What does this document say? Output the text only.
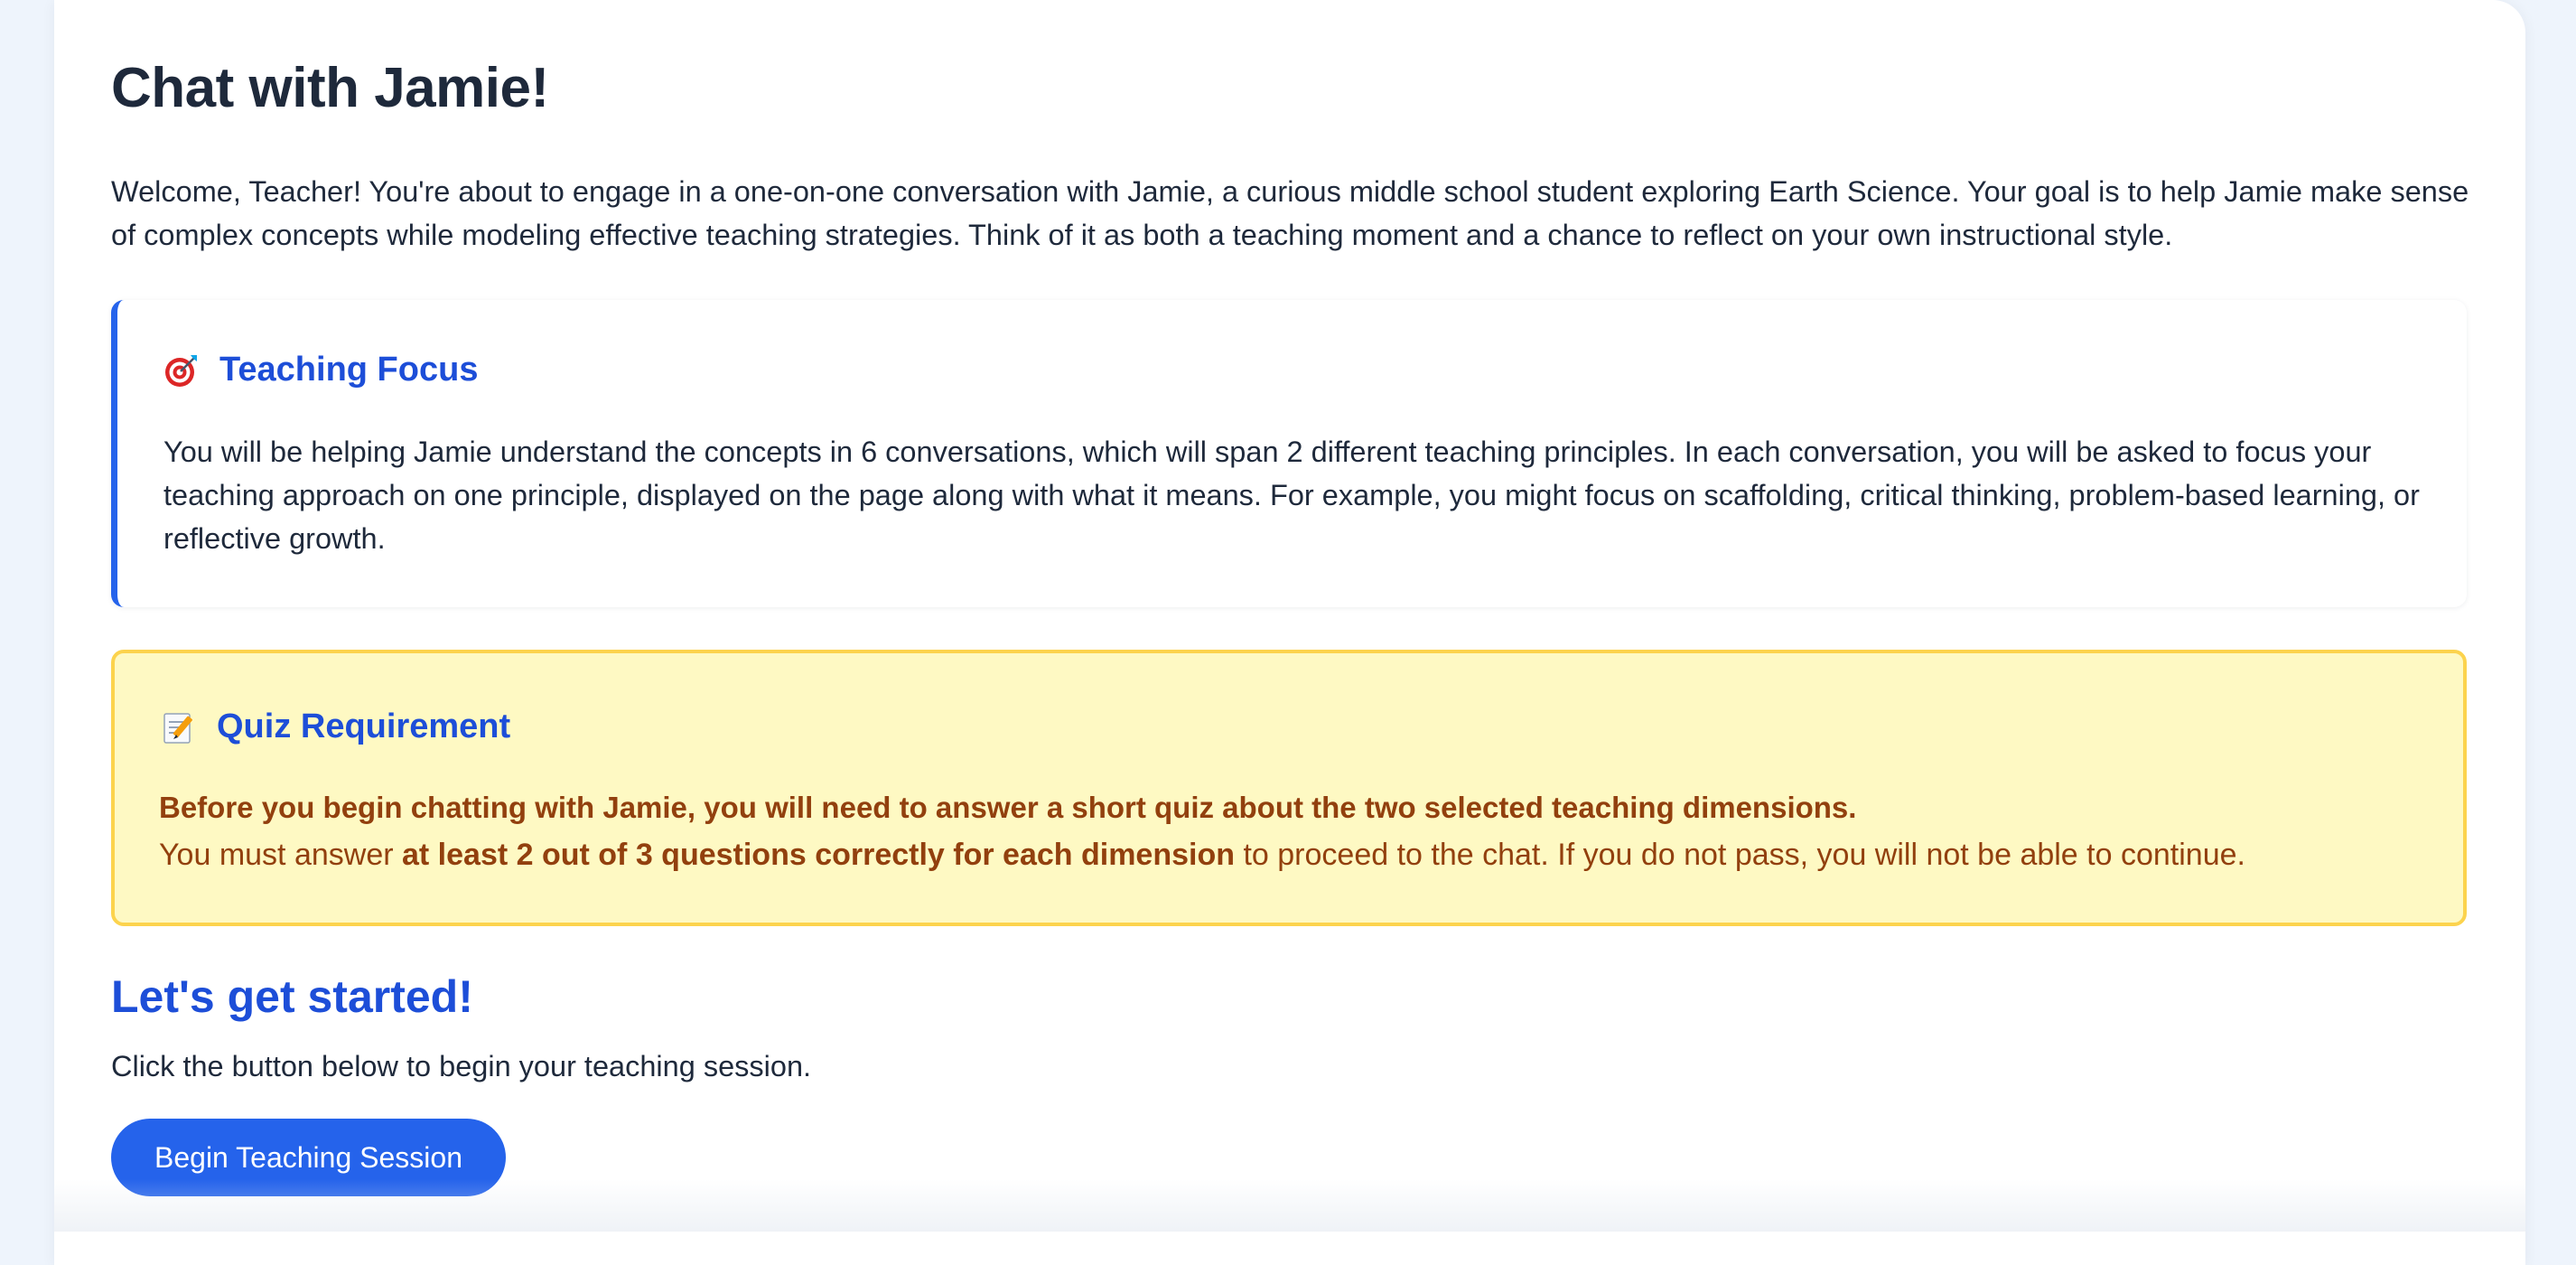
Chat with Jamie!

Welcome, Teacher! You're about to engage in a one-on-one conversation with Jamie, a curious middle school student exploring Earth Science. Your goal is to help Jamie make sense of complex concepts while modeling effective teaching strategies. Think of it as both a teaching moment and a chance to reflect on your own instructional style.

Teaching Focus

You will be helping Jamie understand the concepts in 6 conversations, which will span 2 different teaching principles. In each conversation, you will be asked to focus your teaching approach on one principle, displayed on the page along with what it means. For example, you might focus on scaffolding, critical thinking, problem-based learning, or reflective growth.

Quiz Requirement

Before you begin chatting with Jamie, you will need to answer a short quiz about the two selected teaching dimensions.

You must answer at least 2 out of 3 questions correctly for each dimension to proceed to the chat. If you do not pass, you will not be able to continue.

Let's get started!

Click the button below to begin your teaching session.

Begin Teaching Session
